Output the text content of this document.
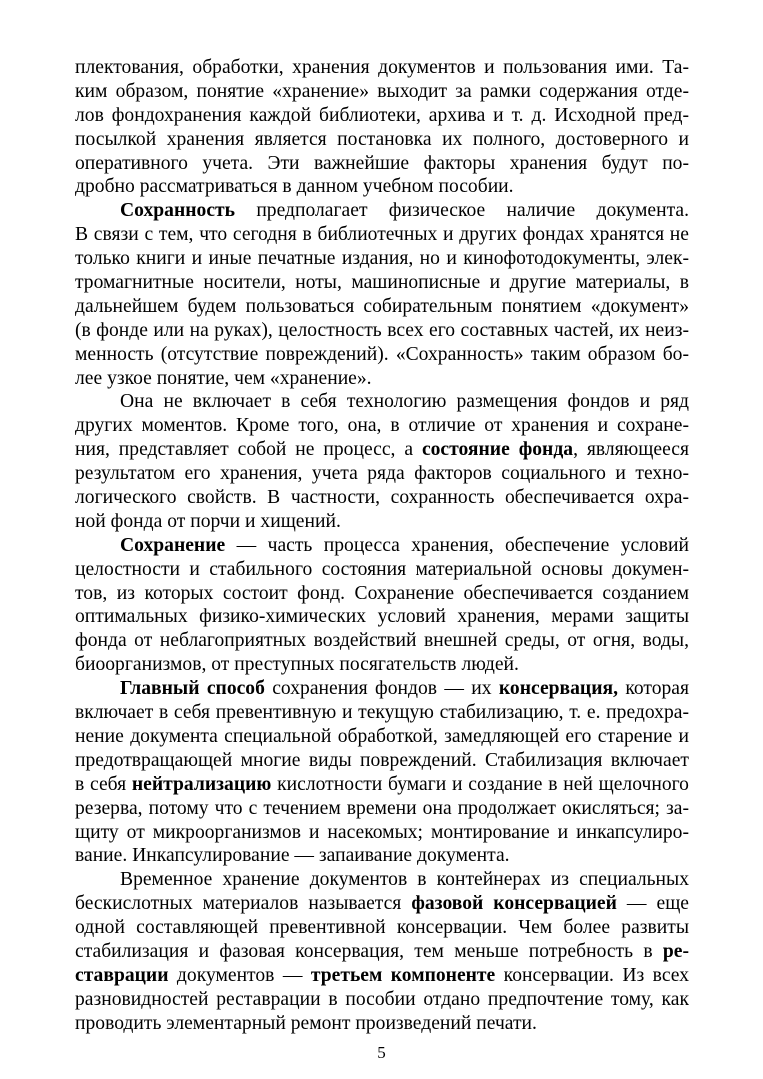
плектования, обработки, хранения документов и пользования ими. Та-
ким образом, понятие «хранение» выходит за рамки содержания отде-
лов фондохранения каждой библиотеки, архива и т. д. Исходной пред-
посылкой хранения является постановка их полного, достоверного и
оперативного учета. Эти важнейшие факторы хранения будут по-
дробно рассматриваться в данном учебном пособии.
Сохранность предполагает физическое наличие документа.
В связи с тем, что сегодня в библиотечных и других фондах хранятся не
только книги и иные печатные издания, но и кинофотодокументы, элек-
тромагнитные носители, ноты, машинописные и другие материалы, в
дальнейшем будем пользоваться собирательным понятием «документ»
(в фонде или на руках), целостность всех его составных частей, их неиз-
менность (отсутствие повреждений). «Сохранность» таким образом бо-
лее узкое понятие, чем «хранение».
Она не включает в себя технологию размещения фондов и ряд
других моментов. Кроме того, она, в отличие от хранения и сохране-
ния, представляет собой не процесс, а состояние фонда, являющееся
результатом его хранения, учета ряда факторов социального и техно-
логического свойств. В частности, сохранность обеспечивается охра-
ной фонда от порчи и хищений.
Сохранение — часть процесса хранения, обеспечение условий
целостности и стабильного состояния материальной основы докумен-
тов, из которых состоит фонд. Сохранение обеспечивается созданием
оптимальных физико-химических условий хранения, мерами защиты
фонда от неблагоприятных воздействий внешней среды, от огня, воды,
биоорганизмов, от преступных посягательств людей.
Главный способ сохранения фондов — их консервация, которая
включает в себя превентивную и текущую стабилизацию, т. е. предохра-
нение документа специальной обработкой, замедляющей его старение и
предотвращающей многие виды повреждений. Стабилизация включает
в себя нейтрализацию кислотности бумаги и создание в ней щелочного
резерва, потому что с течением времени она продолжает окисляться; за-
щиту от микроорганизмов и насекомых; монтирование и инкапсулиро-
вание. Инкапсулирование — запаивание документа.
Временное хранение документов в контейнерах из специальных
бескислотных материалов называется фазовой консервацией — еще
одной составляющей превентивной консервации. Чем более развиты
стабилизация и фазовая консервация, тем меньше потребность в ре-
ставрации документов — третьем компоненте консервации. Из всех
разновидностей реставрации в пособии отдано предпочтение тому, как
проводить элементарный ремонт произведений печати.
5
